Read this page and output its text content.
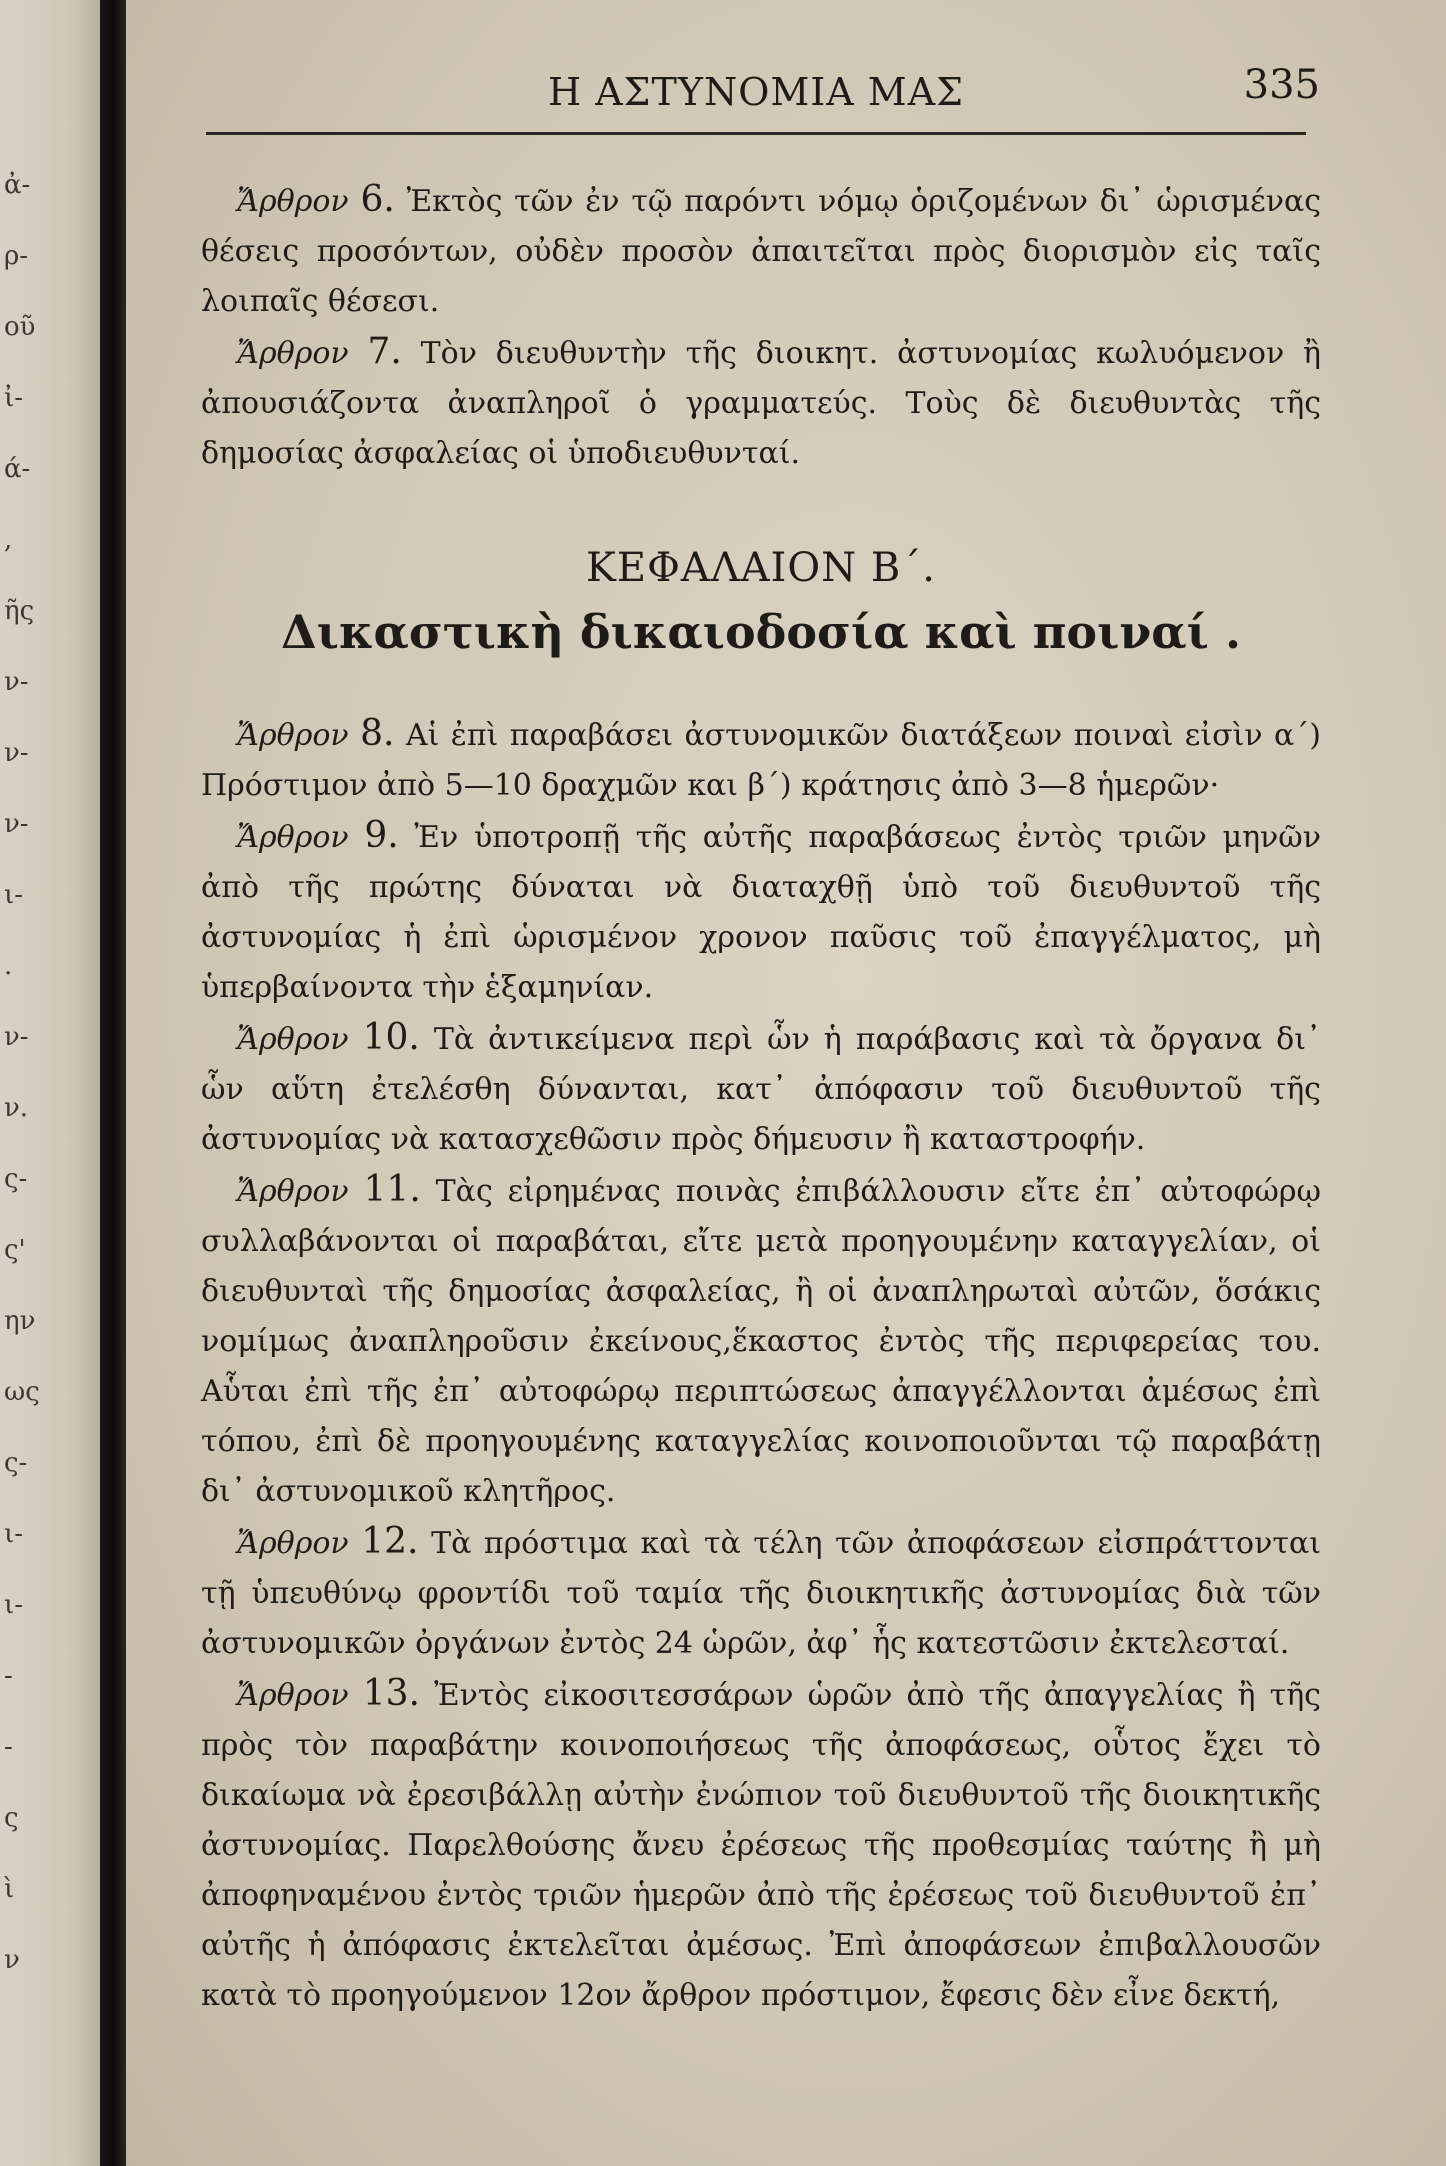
ἀ-
ρ-
οῦ
ἰ-
ά-
,
ῆς
ν-
ν-
ν-
ι-
.
ν-
ν.
ς-
ς'
ην
ως
ς-
ι-
ι-
-
-
ς
ὶ
ν
Η ΑΣΤΥΝΟΜΙΑ ΜΑΣ	335

Ἄρθρον 6. Ἐκτὸς τῶν ἐν τῷ παρόντι νόμῳ ὁριζομένων δι᾽ ὡρισμένας θέσεις προσόντων, οὐδὲν προσὸν ἀπαιτεῖται πρὸς διορισμὸν εἰς ταῖς λοιπαῖς θέσεσι.

Ἄρθρον 7. Τὸν διευθυντὴν τῆς διοικητ. ἀστυνομίας κωλυόμενον ἢ ἀπουσιάζοντα ἀναπληροῖ ὁ γραμματεύς. Τοὺς δὲ διευθυντὰς τῆς δημοσίας ἀσφαλείας οἱ ὑποδιευθυνταί.

ΚΕΦΑΛΑΙΟΝ Β΄.
Δικαστικὴ δικαιοδοσία καὶ ποιναί .

Ἄρθρον 8. Αἱ ἐπὶ παραβάσει ἀστυνομικῶν διατάξεων ποιναὶ εἰσὶν α΄) Πρόστιμον ἀπὸ 5—10 δραχμῶν και β΄) κράτησις ἀπὸ 3—8 ἡμερῶν·

Ἄρθρον 9. Ἐν ὑποτροπῇ τῆς αὐτῆς παραβάσεως ἐντὸς τριῶν μηνῶν ἀπὸ τῆς πρώτης δύναται νὰ διαταχθῇ ὑπὸ τοῦ διευθυντοῦ τῆς ἀστυνομίας ἡ ἐπὶ ὡρισμένον χρονον παῦσις τοῦ ἐπαγγέλματος, μὴ ὑπερβαίνοντα τὴν ἑξαμηνίαν.

Ἄρθρον 10. Τὰ ἀντικείμενα περὶ ὧν ἡ παράβασις καὶ τὰ ὄργανα δι᾽ ὧν αὕτη ἐτελέσθη δύνανται, κατ᾽ ἀπόφασιν τοῦ διευθυντοῦ τῆς ἀστυνομίας νὰ κατασχεθῶσιν πρὸς δήμευσιν ἢ καταστροφήν.

Ἄρθρον 11. Τὰς εἰρημένας ποινὰς ἐπιβάλλουσιν εἴτε ἐπ᾽ αὐτοφώρῳ συλλαβάνονται οἱ παραβάται, εἴτε μετὰ προηγουμένην καταγγελίαν, οἱ διευθυνταὶ τῆς δημοσίας ἀσφαλείας, ἢ οἱ ἀναπληρωταὶ αὐτῶν, ὅσάκις νομίμως ἀναπληροῦσιν ἐκείνους,ἕκαστος ἐντὸς τῆς περιφερείας του. Αὗται ἐπὶ τῆς ἐπ᾽ αὐτοφώρῳ περιπτώσεως ἀπαγγέλλονται ἀμέσως ἐπὶ τόπου, ἐπὶ δὲ προηγουμένης καταγγελίας κοινοποιοῦνται τῷ παραβάτῃ δι᾽ ἀστυνομικοῦ κλητῆρος.

Ἄρθρον 12. Τὰ πρόστιμα καὶ τὰ τέλη τῶν ἀποφάσεων εἰσπράττονται τῇ ὑπευθύνῳ φροντίδι τοῦ ταμία τῆς διοικητικῆς ἀστυνομίας διὰ τῶν ἀστυνομικῶν ὀργάνων ἐντὸς 24 ὡρῶν, ἀφ᾽ ἧς κατεστῶσιν ἐκτελεσταί.

Ἄρθρον 13. Ἐντὸς εἰκοσιτεσσάρων ὡρῶν ἀπὸ τῆς ἀπαγγελίας ἢ τῆς πρὸς τὸν παραβάτην κοινοποιήσεως τῆς ἀποφάσεως, οὗτος ἔχει τὸ δικαίωμα νὰ ἐρεσιβάλλῃ αὐτὴν ἐνώπιον τοῦ διευθυντοῦ τῆς διοικητικῆς ἀστυνομίας. Παρελθούσης ἄνευ ἐρέσεως τῆς προθεσμίας ταύτης ἢ μὴ ἀποφηναμένου ἐντὸς τριῶν ἡμερῶν ἀπὸ τῆς ἐρέσεως τοῦ διευθυντοῦ ἐπ᾽ αὐτῆς ἡ ἀπόφασις ἐκτελεῖται ἀμέσως. Ἐπὶ ἀποφάσεων ἐπιβαλλουσῶν κατὰ τὸ προηγούμενον 12ον ἄρθρον πρόστιμον, ἔφεσις δὲν εἶνε δεκτή,
